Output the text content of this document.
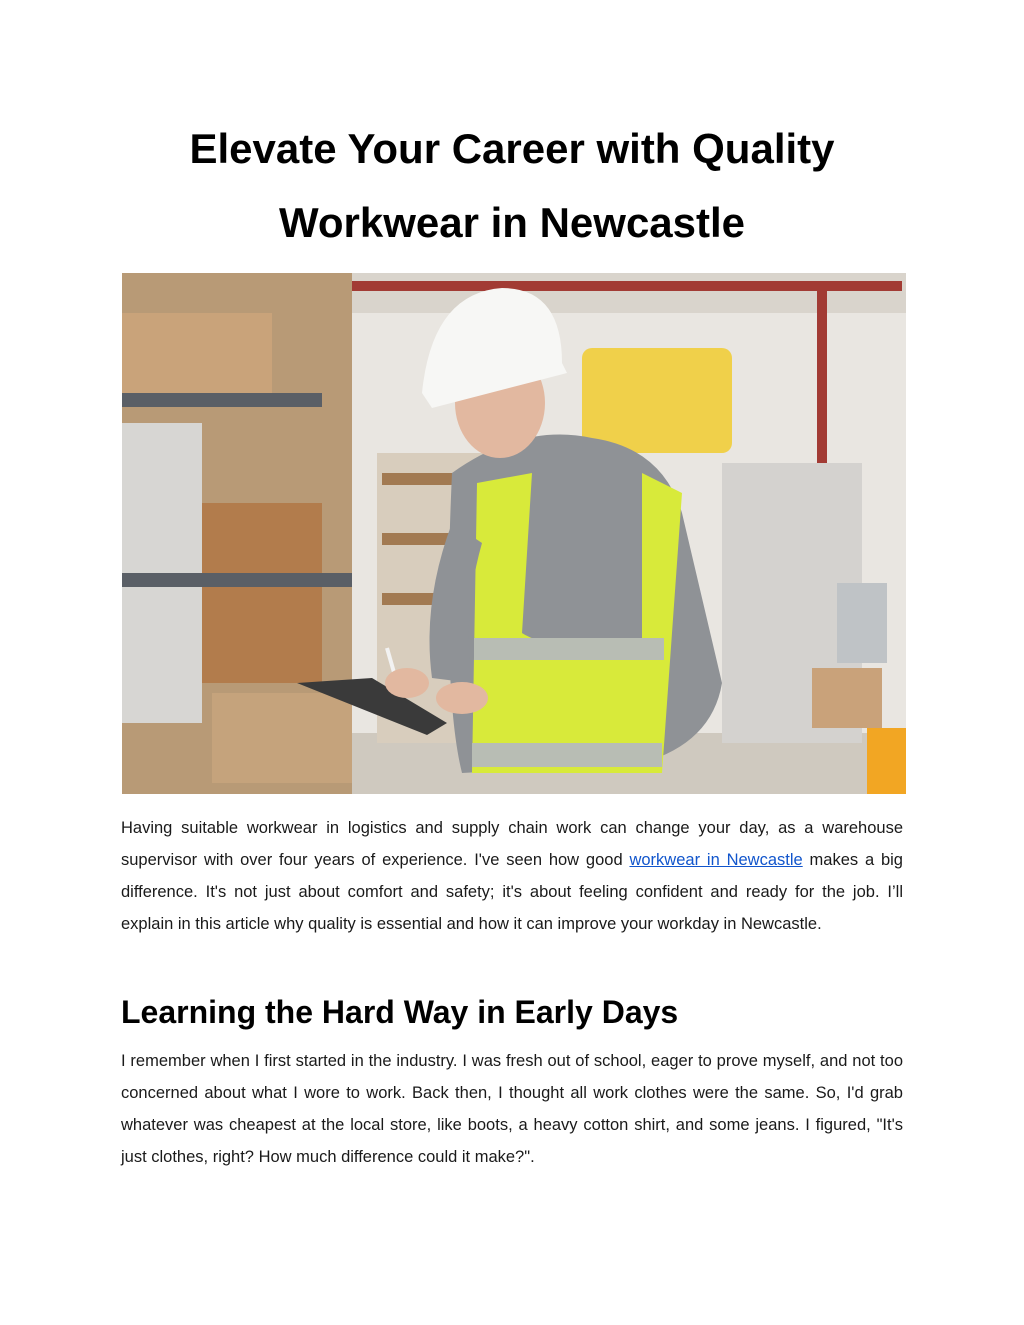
Elevate Your Career with Quality Workwear in Newcastle

Having suitable workwear in logistics and supply chain work can change your day, as a warehouse supervisor with over four years of experience. I've seen how good workwear in Newcastle makes a big difference. It's not just about comfort and safety; it's about feeling confident and ready for the job. I’ll explain in this article why quality is essential and how it can improve your workday in Newcastle.

Learning the Hard Way in Early Days

I remember when I first started in the industry. I was fresh out of school, eager to prove myself, and not too concerned about what I wore to work. Back then, I thought all work clothes were the same. So, I'd grab whatever was cheapest at the local store, like boots, a heavy cotton shirt, and some jeans. I figured, "It's just clothes, right? How much difference could it make?".
